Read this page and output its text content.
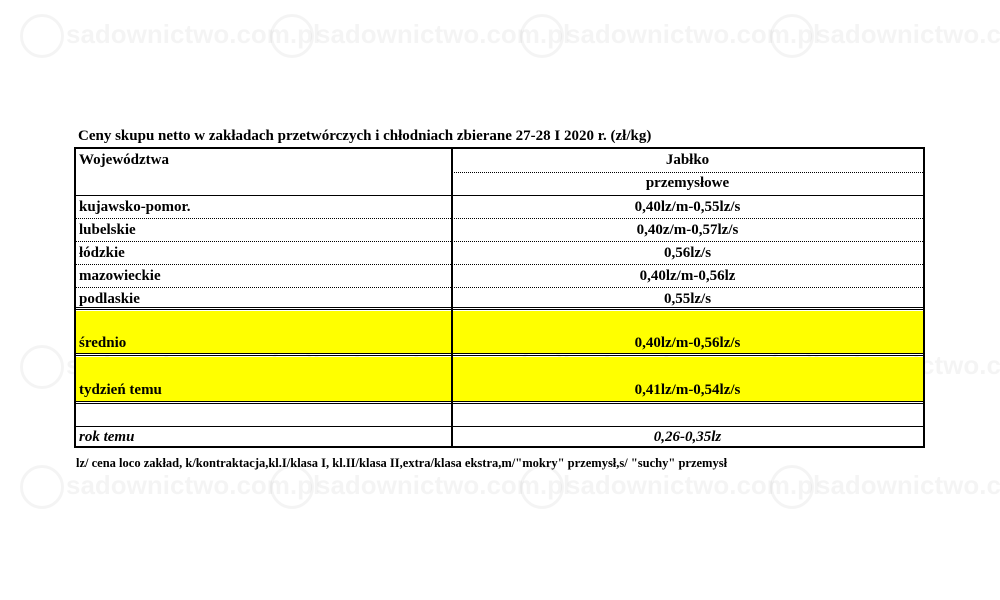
Ceny skupu netto w zakładach przetwórczych i chłodniach zbierane 27-28 I 2020 r. (zł/kg)
Województwa	Jabłko
przemysłowe
kujawsko-pomor.	0,40lz/m-0,55lz/s
lubelskie	0,40z/m-0,57lz/s
łódzkie	0,56lz/s
mazowieckie	0,40lz/m-0,56lz
podlaskie	0,55lz/s
średnio	0,40lz/m-0,56lz/s
tydzień temu	0,41lz/m-0,54lz/s
rok temu	0,26-0,35lz
lz/ cena loco zakład, k/kontraktacja,kl.I/klasa I, kl.II/klasa II,extra/klasa ekstra,m/"mokry" przemysł,s/ "suchy" przemysł
